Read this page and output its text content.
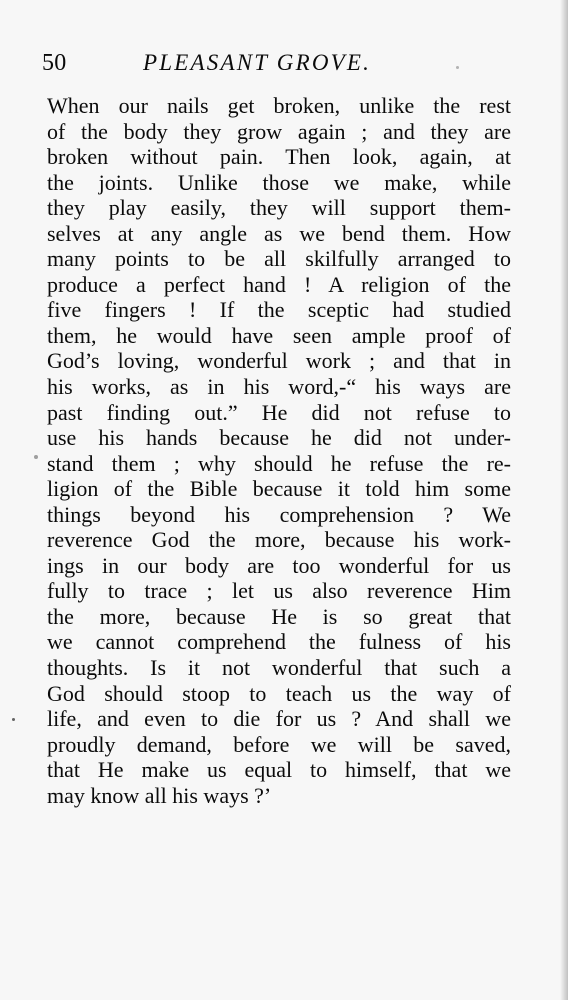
50	PLEASANT GROVE.
When our nails get broken, unlike the rest
of the body they grow again ; and they are
broken without pain. Then look, again, at
the joints. Unlike those we make, while
they play easily, they will support them-
selves at any angle as we bend them. How
many points to be all skilfully arranged to
produce a perfect hand ! A religion of the
five fingers ! If the sceptic had studied
them, he would have seen ample proof of
God’s loving, wonderful work ; and that in
his works, as in his word,-“ his ways are
past finding out.” He did not refuse to
use his hands because he did not under-
stand them ; why should he refuse the re-
ligion of the Bible because it told him some
things beyond his comprehension ? We
reverence God the more, because his work-
ings in our body are too wonderful for us
fully to trace ; let us also reverence Him
the more, because He is so great that
we cannot comprehend the fulness of his
thoughts. Is it not wonderful that such a
God should stoop to teach us the way of
life, and even to die for us ? And shall we
proudly demand, before we will be saved,
that He make us equal to himself, that we
may know all his ways ?’
